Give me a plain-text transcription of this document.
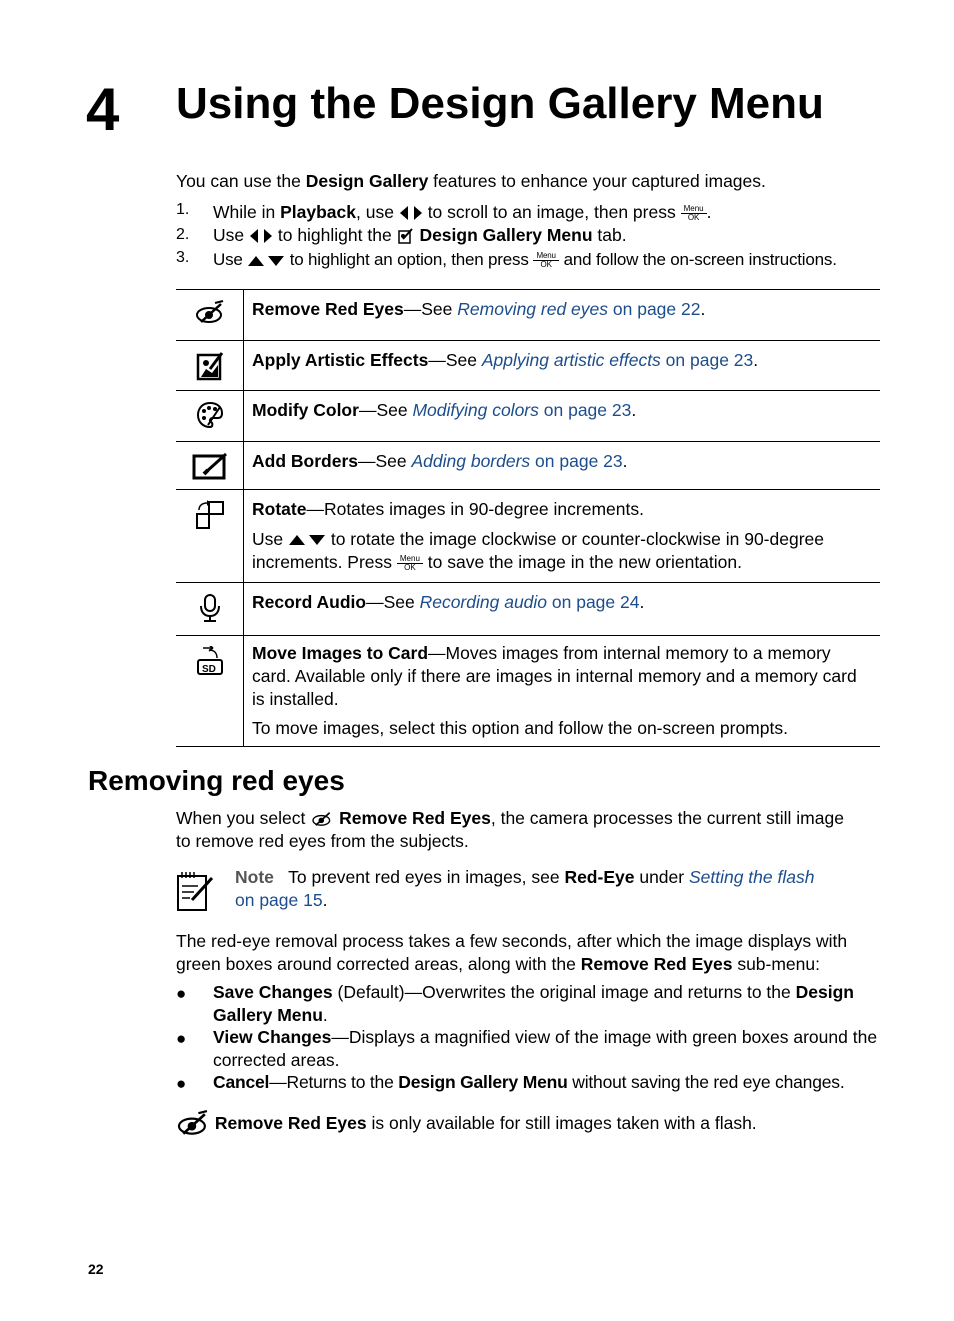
4 Using the Design Gallery Menu
You can use the Design Gallery features to enhance your captured images.
1. While in Playback, use  to scroll to an image, then press Menu
OK .
2. Use  to highlight the  Design Gallery Menu tab.
3. Use	to highlight an option, then press Menu
OK and follow the on-screen instructions.
Remove Red Eyes—See Removing red eyes on page 22.
Apply Artistic Effects—See Applying artistic effects on page 23.
Modify Color—See Modifying colors on page 23.
Add Borders—See Adding borders on page 23.

Rotate—Rotates images in 90-degree increments.

Use  to rotate the image clockwise or counter-clockwise in 90-degree increments. Press Menu
OK to save the image in the new orientation.

Record Audio—See Recording audio on page 24.
SD

Move Images to Card—Moves images from internal memory to a memory card. Available only if there are images in internal memory and a memory card is installed.

To move images, select this option and follow the on-screen prompts.

Removing red eyes
When you select  Remove Red Eyes, the camera processes the current still image
to remove red eyes from the subjects.
Note To prevent red eyes in images, see Red-Eye under Setting the flash
on page 15.
The red-eye removal process takes a few seconds, after which the image displays with
green boxes around corrected areas, along with the Remove Red Eyes sub-menu:
● Save Changes (Default)—Overwrites the original image and returns to the Design Gallery Menu.
● View Changes—Displays a magnified view of the image with green boxes around the corrected areas.
● Cancel—Returns to the Design Gallery Menu without saving the red eye changes.
Remove Red Eyes is only available for still images taken with a flash.
22
